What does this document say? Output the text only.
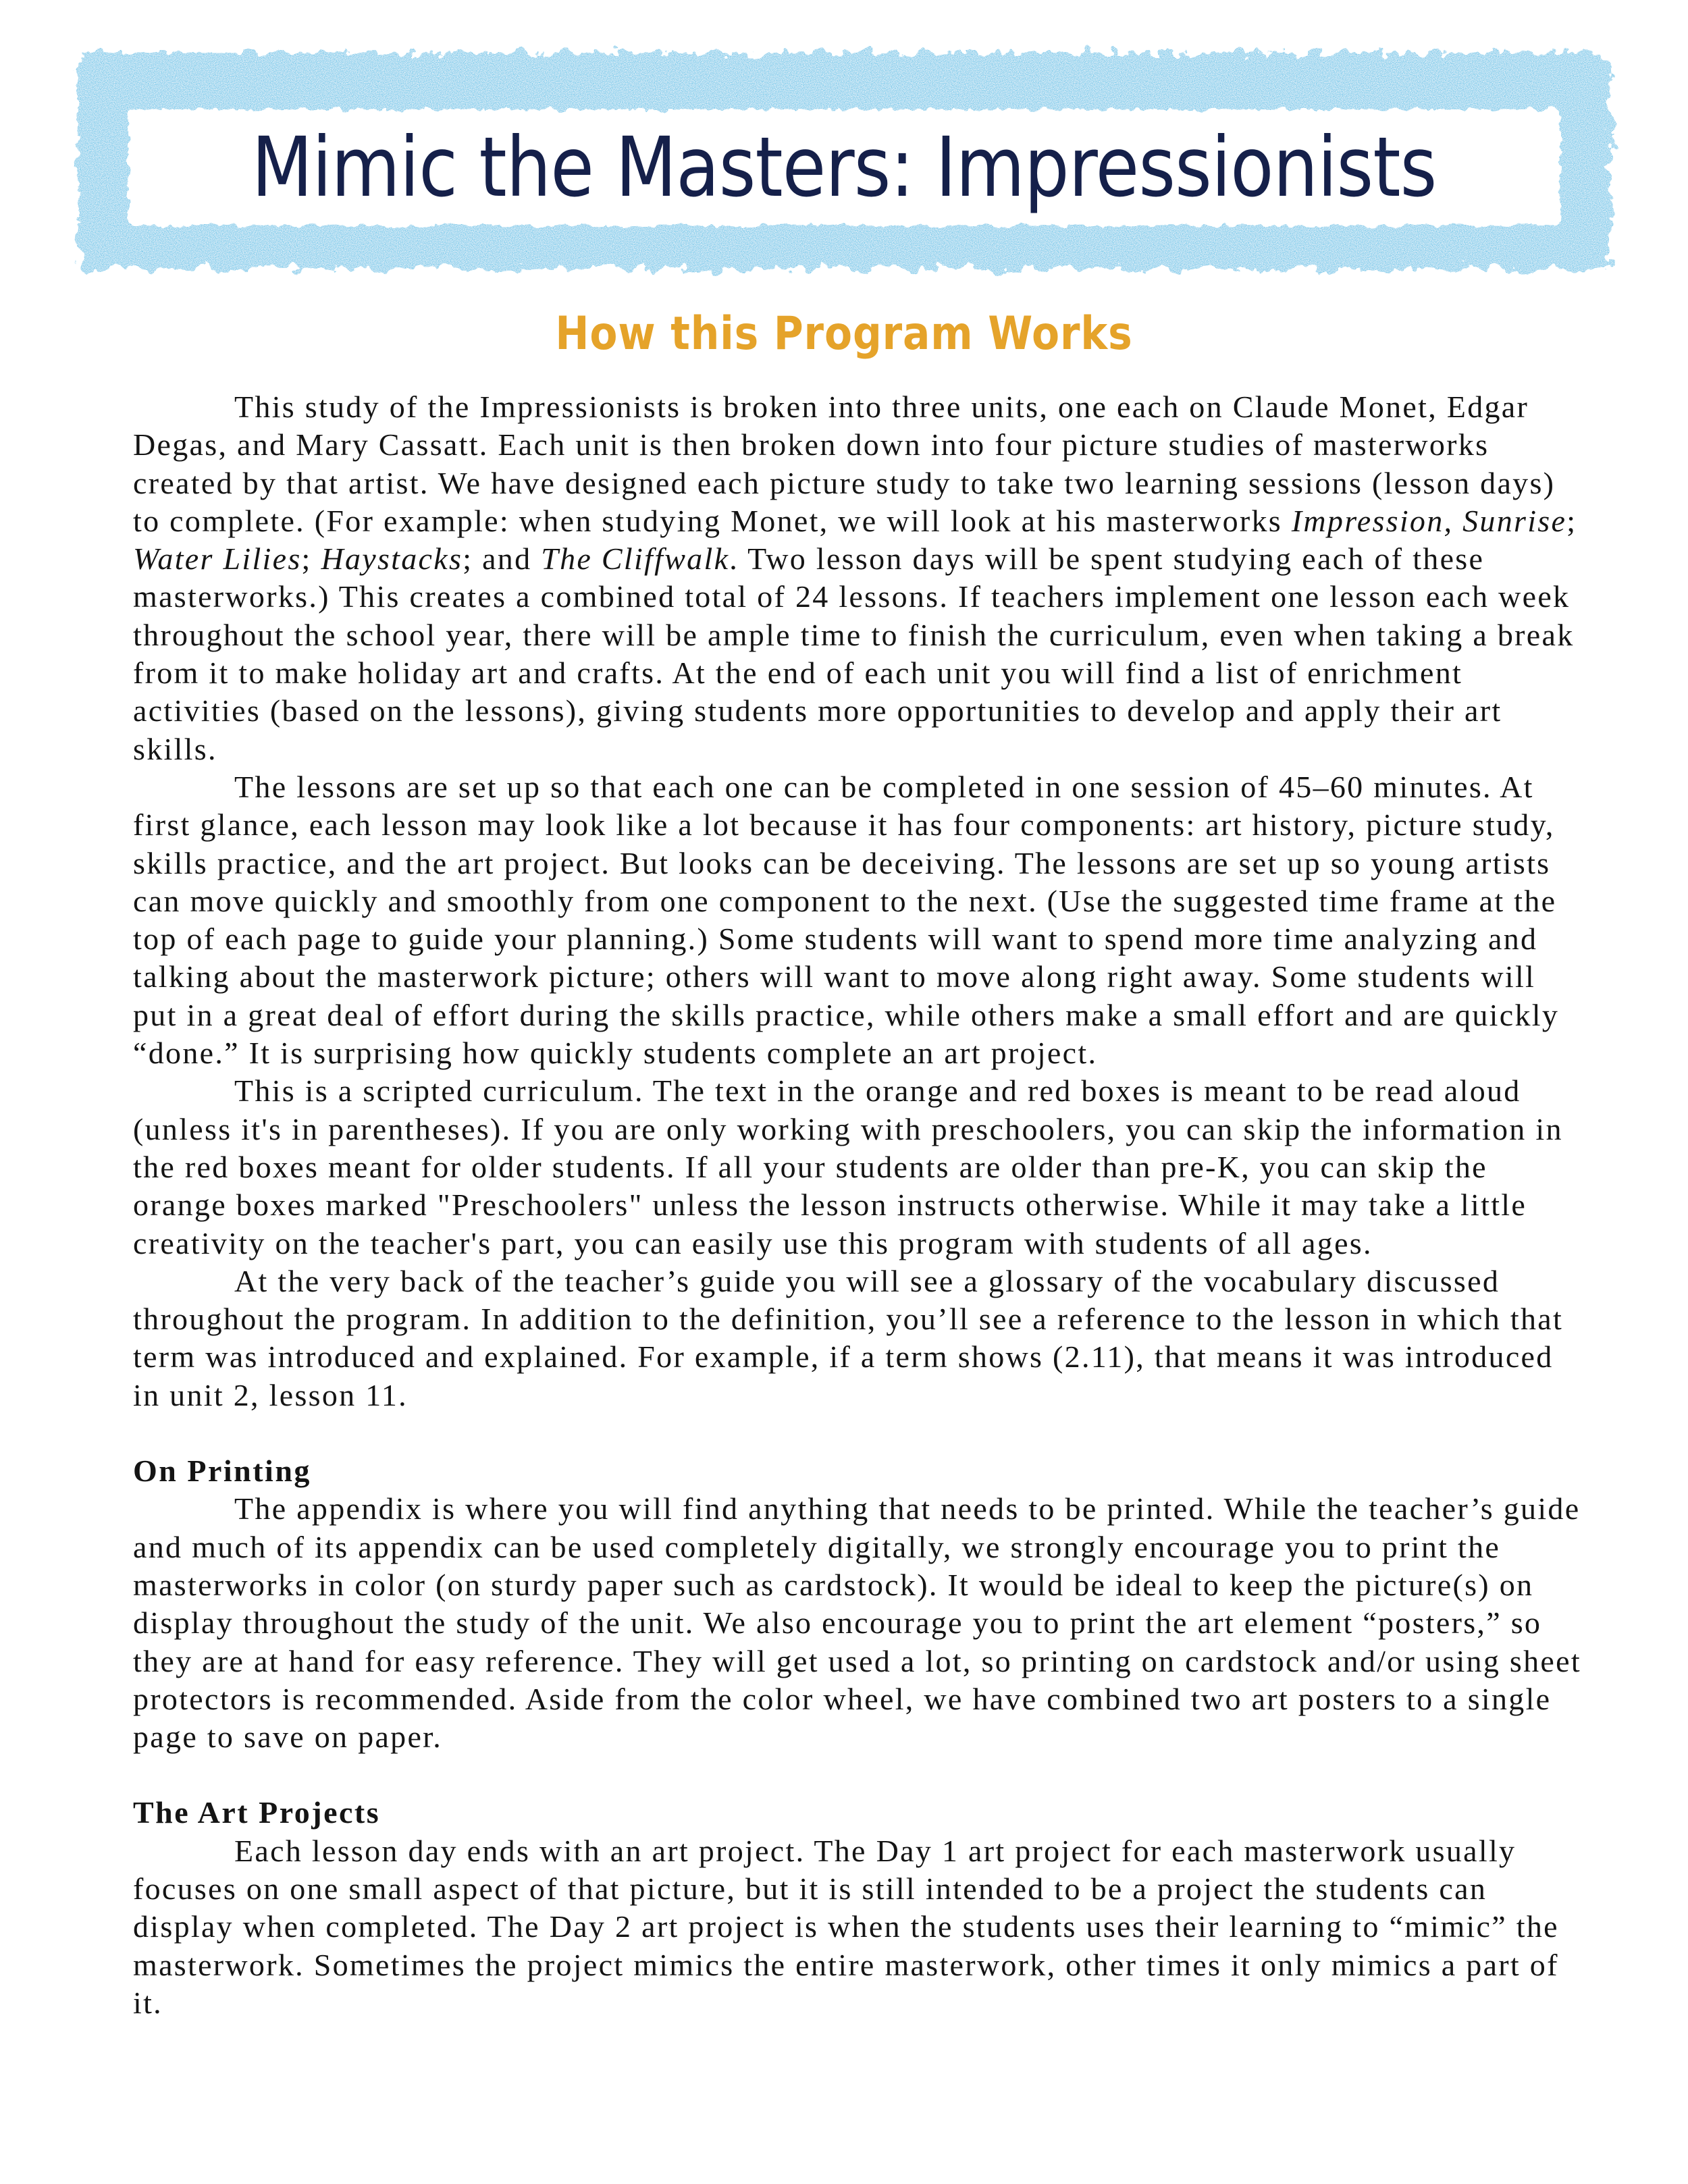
Mimic the Masters: Impressionists
How this Program Works

This study of the Impressionists is broken into three units, one each on Claude Monet, Edgar Degas, and Mary Cassatt. Each unit is then broken down into four picture studies of masterworks created by that artist. We have designed each picture study to take two learning sessions (lesson days) to complete. (For example: when studying Monet, we will look at his masterworks Impression, Sunrise; Water Lilies; Haystacks; and The Cliffwalk. Two lesson days will be spent studying each of these masterworks.) This creates a combined total of 24 lessons. If teachers implement one lesson each week throughout the school year, there will be ample time to finish the curriculum, even when taking a break from it to make holiday art and crafts. At the end of each unit you will find a list of enrichment activities (based on the lessons), giving students more opportunities to develop and apply their art skills.

The lessons are set up so that each one can be completed in one session of 45–60 minutes. At first glance, each lesson may look like a lot because it has four components: art history, picture study, skills practice, and the art project. But looks can be deceiving. The lessons are set up so young artists can move quickly and smoothly from one component to the next. (Use the suggested time frame at the top of each page to guide your planning.) Some students will want to spend more time analyzing and talking about the masterwork picture; others will want to move along right away. Some students will put in a great deal of effort during the skills practice, while others make a small effort and are quickly “done.” It is surprising how quickly students complete an art project.

This is a scripted curriculum. The text in the orange and red boxes is meant to be read aloud (unless it's in parentheses). If you are only working with preschoolers, you can skip the information in the red boxes meant for older students. If all your students are older than pre-K, you can skip the orange boxes marked "Preschoolers" unless the lesson instructs otherwise. While it may take a little creativity on the teacher's part, you can easily use this program with students of all ages.

At the very back of the teacher’s guide you will see a glossary of the vocabulary discussed throughout the program. In addition to the definition, you’ll see a reference to the lesson in which that term was introduced and explained. For example, if a term shows (2.11), that means it was introduced in unit 2, lesson 11.

On Printing

The appendix is where you will find anything that needs to be printed. While the teacher’s guide and much of its appendix can be used completely digitally, we strongly encourage you to print the masterworks in color (on sturdy paper such as cardstock). It would be ideal to keep the picture(s) on display throughout the study of the unit. We also encourage you to print the art element “posters,” so they are at hand for easy reference. They will get used a lot, so printing on cardstock and/or using sheet protectors is recommended. Aside from the color wheel, we have combined two art posters to a single page to save on paper.

The Art Projects

Each lesson day ends with an art project. The Day 1 art project for each masterwork usually focuses on one small aspect of that picture, but it is still intended to be a project the students can display when completed. The Day 2 art project is when the students uses their learning to “mimic” the masterwork. Sometimes the project mimics the entire masterwork, other times it only mimics a part of it.
